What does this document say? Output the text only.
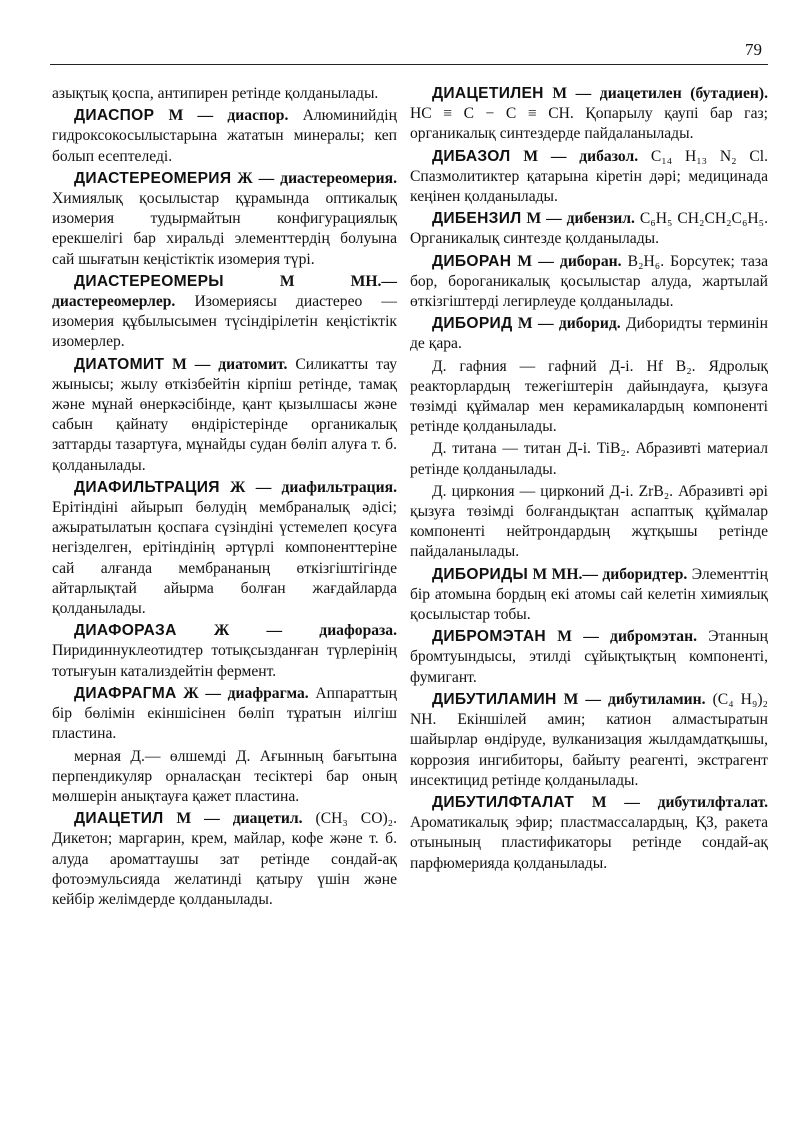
79

азықтық қоспа, антипирен ретінде қолданылады.

ДИАСПОР М — диаспор. Алюминийдің гидроксокосылыстарына жататын минералы; кеп болып есептеледі.

ДИАСТЕРЕОМЕРИЯ Ж — диастереомерия. Химиялық қосылыстар құрамында оптикалық изомерия тудырмайтын конфигурациялық ерекшелігі бар хиральді элементтердің болуына сай шығатын кеңістіктік изомерия түрі.

ДИАСТЕРЕОМЕРЫ	М МН.— диастереомерлер. Изомериясы диастерео — изомерия құбылысымен түсіндірілетін кеңістіктік изомерлер.

ДИАТОМИТ М — диатомит. Силикатты тау жынысы; жылу өткізбейтін кірпіш ретінде, тамақ және мұнай өнеркәсібінде, қант қызылшасы және сабын қайнату өндірістерінде органикалық заттарды тазартуға, мұнайды судан бөліп алуға т. б. қолданылады.

ДИАФИЛЬТРАЦИЯ Ж — диафильтрация. Ерітіндіні айырып бөлудің мембраналық әдісі; ажыратылатын қоспаға сүзіндіні үстемелеп қосуға негізделген, ерітіндінің әртүрлі компоненттеріне сай алғанда мембрананың өткізгіштігінде айтарлықтай айырма болған жағдайларда қолданылады.

ДИАФОРАЗА Ж — диафораза. Пиридиннуклеотидтер тотықсызданған түрлерінің тотығуын катализдейтін фермент.

ДИАФРАГМА Ж — диафрагма. Аппараттың бір бөлімін екіншісінен бөліп тұратын иілгіш пластина.

мерная Д.— өлшемді Д. Ағынның бағытына перпендикуляр орналасқан тесіктері бар оның мөлшерін анықтауға қажет пластина.

ДИАЦЕТИЛ М — диацетил. (СН₃ СО)₂. Дикетон; маргарин, крем, майлар, кофе және т. б. алуда ароматтаушы зат ретінде сондай-ақ фотоэмульсияда желатинді қатыру үшін және кейбір желімдерде қолданылады.

ДИАЦЕТИЛЕН М — диацетилен (бутадиен). НС ≡ С − С ≡ СН. Қопарылу қаупі бар газ; органикалық синтездерде пайдаланылады.

ДИБАЗОЛ М — дибазол. C₁₄ H₁₃ N₂ Cl. Спазмолитиктер қатарына кіретін дәрі; медицинада кеңінен қолданылады.

ДИБЕНЗИЛ М — дибензил. C₆H₅ CH₂CH₂C₆H₅. Органикалық синтезде қолданылады.

ДИБОРАН М — диборан. B₂H₆. Борсутек; таза бор, бороганикалық қосылыстар алуда, жартылай өткізгіштерді легирлеуде қолданылады.

ДИБОРИД М — диборид. Диборидты терминін де қара.

Д. гафния — гафний Д-і. Hf B₂. Ядролық реакторлардың тежегіштерін дайындауға, қызуға төзімді құймалар мен керамикалардың компоненті ретінде қолданылады.

Д. титана — титан Д-і. TiB₂. Абразивті материал ретінде қолданылады.

Д. циркония — цирконий Д-і. ZrB₂. Абразивті әрі қызуға төзімді болғандықтан аспаптық құймалар компоненті нейтрондардың жұтқышы ретінде пайдаланылады.

ДИБОРИДЫ М МН.— диборидтер. Элементтің бір атомына бордың екі атомы сай келетін химиялық қосылыстар тобы.

ДИБРОМЭТАН М — дибромэтан. Этанның бромтуындысы, этилді сұйықтықтың компоненті, фумигант.

ДИБУТИЛАМИН М — дибутиламин. (C₄ H₉)₂ NH. Екіншілей амин; катион алмастыратын шайырлар өндіруде, вулканизация жылдамдатқышы, коррозия ингибиторы, байыту реагенті, экстрагент инсектицид ретінде қолданылады.

ДИБУТИЛФТАЛАТ М — дибутилфталат. Ароматикалық эфир; пластмассалардың, ҚЗ, ракета отынының пластификаторы ретінде сондай-ақ парфюмерияда қолданылады.
